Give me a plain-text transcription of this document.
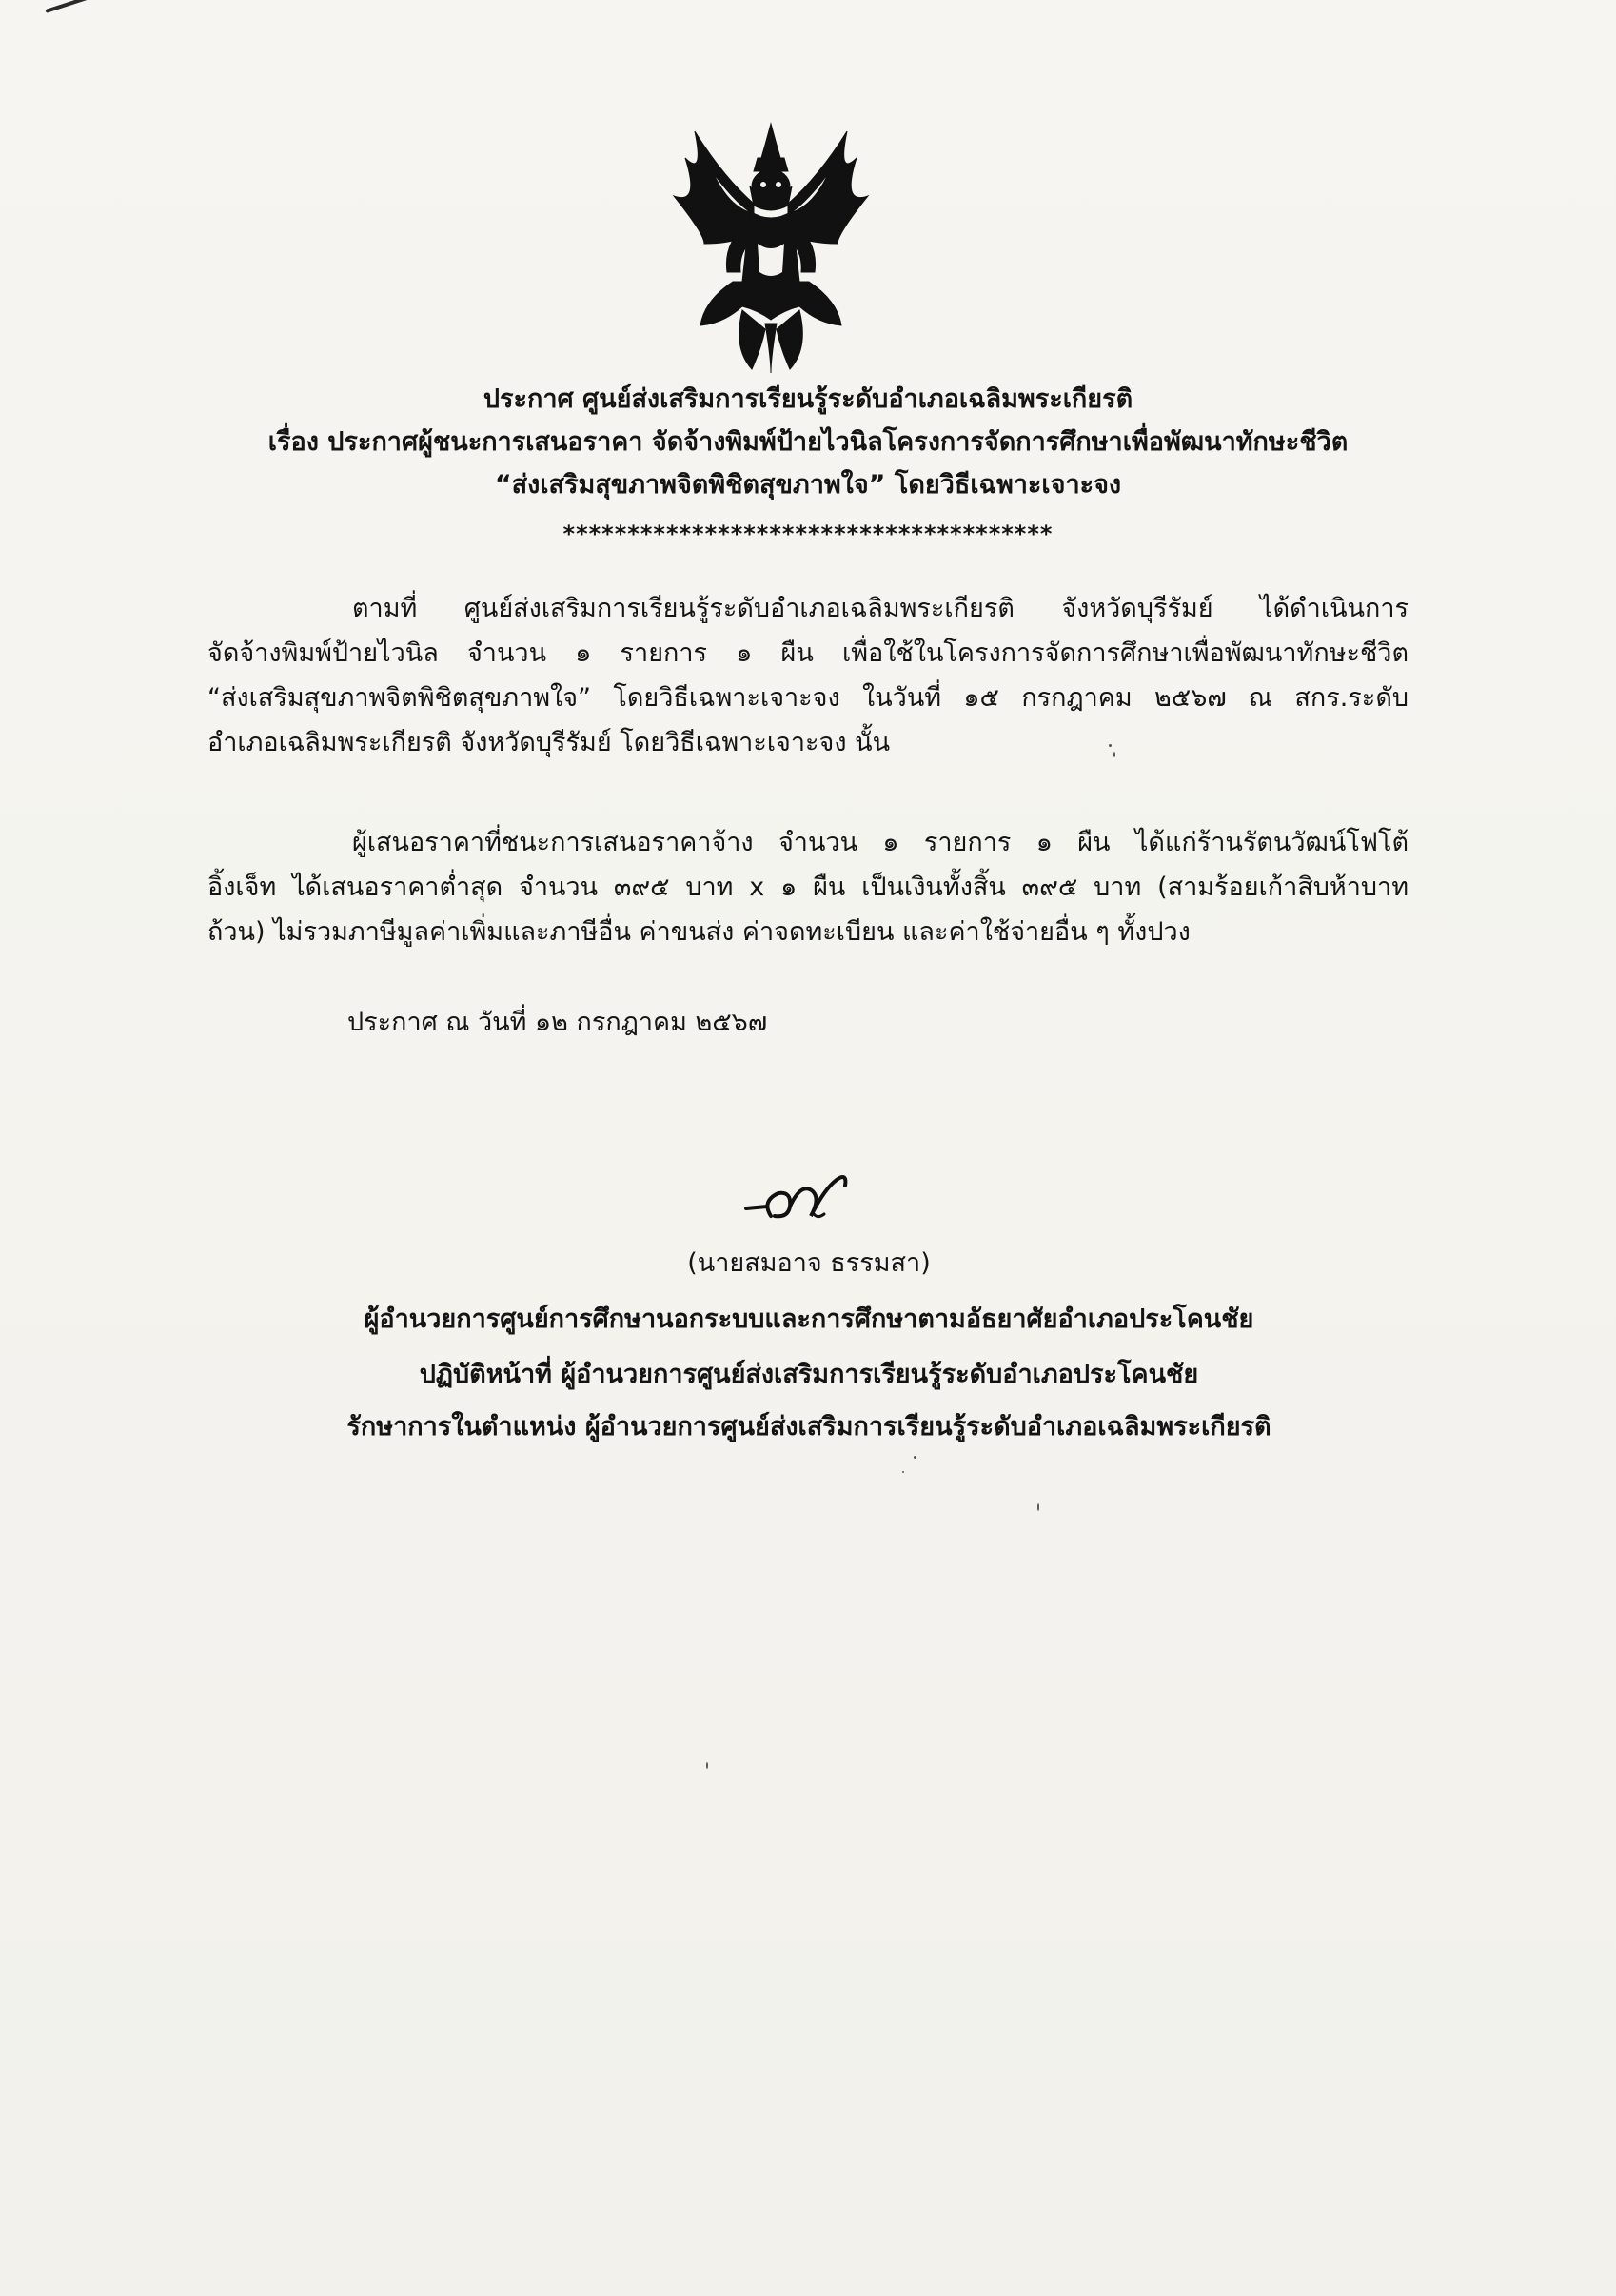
ประกาศ ศูนย์ส่งเสริมการเรียนรู้ระดับอำเภอเฉลิมพระเกียรติ
เรื่อง ประกาศผู้ชนะการเสนอราคา จัดจ้างพิมพ์ป้ายไวนิลโครงการจัดการศึกษาเพื่อพัฒนาทักษะชีวิต
“ส่งเสริมสุขภาพจิตพิชิตสุขภาพใจ” โดยวิธีเฉพาะเจาะจง
**************************************
ตามที่ ศูนย์ส่งเสริมการเรียนรู้ระดับอำเภอเฉลิมพระเกียรติ จังหวัดบุรีรัมย์ ได้ดำเนินการ
จัดจ้างพิมพ์ป้ายไวนิล จำนวน ๑ รายการ ๑ ผืน เพื่อใช้ในโครงการจัดการศึกษาเพื่อพัฒนาทักษะชีวิต
“ส่งเสริมสุขภาพจิตพิชิตสุขภาพใจ” โดยวิธีเฉพาะเจาะจง ในวันที่ ๑๕ กรกฎาคม ๒๕๖๗ ณ สกร.ระดับ
อำเภอเฉลิมพระเกียรติ จังหวัดบุรีรัมย์ โดยวิธีเฉพาะเจาะจง นั้น
ผู้เสนอราคาที่ชนะการเสนอราคาจ้าง จำนวน ๑ รายการ ๑ ผืน ได้แก่ร้านรัตนวัฒน์โฟโต้
อิ้งเจ็ท ได้เสนอราคาต่ำสุด จำนวน ๓๙๕ บาท x ๑ ผืน เป็นเงินทั้งสิ้น ๓๙๕ บาท (สามร้อยเก้าสิบห้าบาท
ถ้วน) ไม่รวมภาษีมูลค่าเพิ่มและภาษีอื่น ค่าขนส่ง ค่าจดทะเบียน และค่าใช้จ่ายอื่น ๆ ทั้งปวง
ประกาศ ณ วันที่ ๑๒ กรกฎาคม ๒๕๖๗
(นายสมอาจ ธรรมสา)
ผู้อำนวยการศูนย์การศึกษานอกระบบและการศึกษาตามอัธยาศัยอำเภอประโคนชัย
ปฏิบัติหน้าที่ ผู้อำนวยการศูนย์ส่งเสริมการเรียนรู้ระดับอำเภอประโคนชัย
รักษาการในตำแหน่ง ผู้อำนวยการศูนย์ส่งเสริมการเรียนรู้ระดับอำเภอเฉลิมพระเกียรติ
